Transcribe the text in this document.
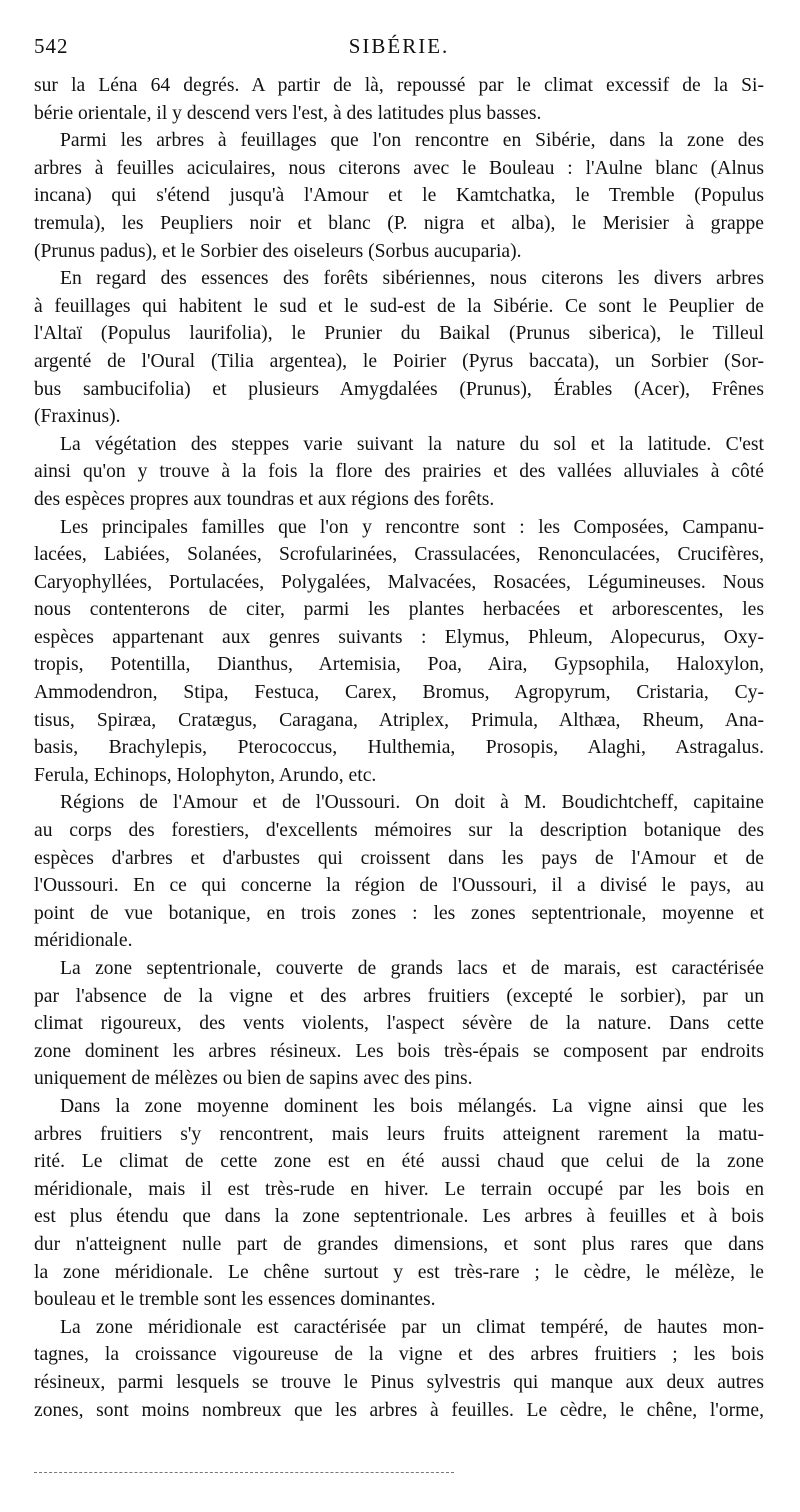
542	SIBÉRIE.
sur la Léna 64 degrés. A partir de là, repoussé par le climat excessif de la Si-
bérie orientale, il y descend vers l'est, à des latitudes plus basses.
Parmi les arbres à feuillages que l'on rencontre en Sibérie, dans la zone des
arbres à feuilles aciculaires, nous citerons avec le Bouleau : l'Aulne blanc (Alnus
incana) qui s'étend jusqu'à l'Amour et le Kamtchatka, le Tremble (Populus
tremula), les Peupliers noir et blanc (P. nigra et alba), le Merisier à grappe
(Prunus padus), et le Sorbier des oiseleurs (Sorbus aucuparia).
En regard des essences des forêts sibériennes, nous citerons les divers arbres
à feuillages qui habitent le sud et le sud-est de la Sibérie. Ce sont le Peuplier de
l'Altaï (Populus laurifolia), le Prunier du Baikal (Prunus siberica), le Tilleul
argenté de l'Oural (Tilia argentea), le Poirier (Pyrus baccata), un Sorbier (Sor-
bus sambucifolia) et plusieurs Amygdalées (Prunus), Érables (Acer), Frênes
(Fraxinus).
La végétation des steppes varie suivant la nature du sol et la latitude. C'est
ainsi qu'on y trouve à la fois la flore des prairies et des vallées alluviales à côté
des espèces propres aux toundras et aux régions des forêts.
Les principales familles que l'on y rencontre sont : les Composées, Campanu-
lacées, Labiées, Solanées, Scrofularinées, Crassulacées, Renonculacées, Crucifères,
Caryophyllées, Portulacées, Polygalées, Malvacées, Rosacées, Légumineuses. Nous
nous contenterons de citer, parmi les plantes herbacées et arborescentes, les
espèces appartenant aux genres suivants : Elymus, Phleum, Alopecurus, Oxy-
tropis, Potentilla, Dianthus, Artemisia, Poa, Aira, Gypsophila, Haloxylon,
Ammodendron, Stipa, Festuca, Carex, Bromus, Agropyrum, Cristaria, Cy-
tisus, Spiræa, Cratægus, Caragana, Atriplex, Primula, Althæa, Rheum, Ana-
basis, Brachylepis, Pterococcus, Hulthemia, Prosopis, Alaghi, Astragalus.
Ferula, Echinops, Holophyton, Arundo, etc.
Régions de l'Amour et de l'Oussouri. On doit à M. Boudichtcheff, capitaine
au corps des forestiers, d'excellents mémoires sur la description botanique des
espèces d'arbres et d'arbustes qui croissent dans les pays de l'Amour et de
l'Oussouri. En ce qui concerne la région de l'Oussouri, il a divisé le pays, au
point de vue botanique, en trois zones : les zones septentrionale, moyenne et
méridionale.
La zone septentrionale, couverte de grands lacs et de marais, est caractérisée
par l'absence de la vigne et des arbres fruitiers (excepté le sorbier), par un
climat rigoureux, des vents violents, l'aspect sévère de la nature. Dans cette
zone dominent les arbres résineux. Les bois très-épais se composent par endroits
uniquement de mélèzes ou bien de sapins avec des pins.
Dans la zone moyenne dominent les bois mélangés. La vigne ainsi que les
arbres fruitiers s'y rencontrent, mais leurs fruits atteignent rarement la matu-
rité. Le climat de cette zone est en été aussi chaud que celui de la zone
méridionale, mais il est très-rude en hiver. Le terrain occupé par les bois en
est plus étendu que dans la zone septentrionale. Les arbres à feuilles et à bois
dur n'atteignent nulle part de grandes dimensions, et sont plus rares que dans
la zone méridionale. Le chêne surtout y est très-rare ; le cèdre, le mélèze, le
bouleau et le tremble sont les essences dominantes.
La zone méridionale est caractérisée par un climat tempéré, de hautes mon-
tagnes, la croissance vigoureuse de la vigne et des arbres fruitiers ; les bois
résineux, parmi lesquels se trouve le Pinus sylvestris qui manque aux deux autres
zones, sont moins nombreux que les arbres à feuilles. Le cèdre, le chêne, l'orme,
